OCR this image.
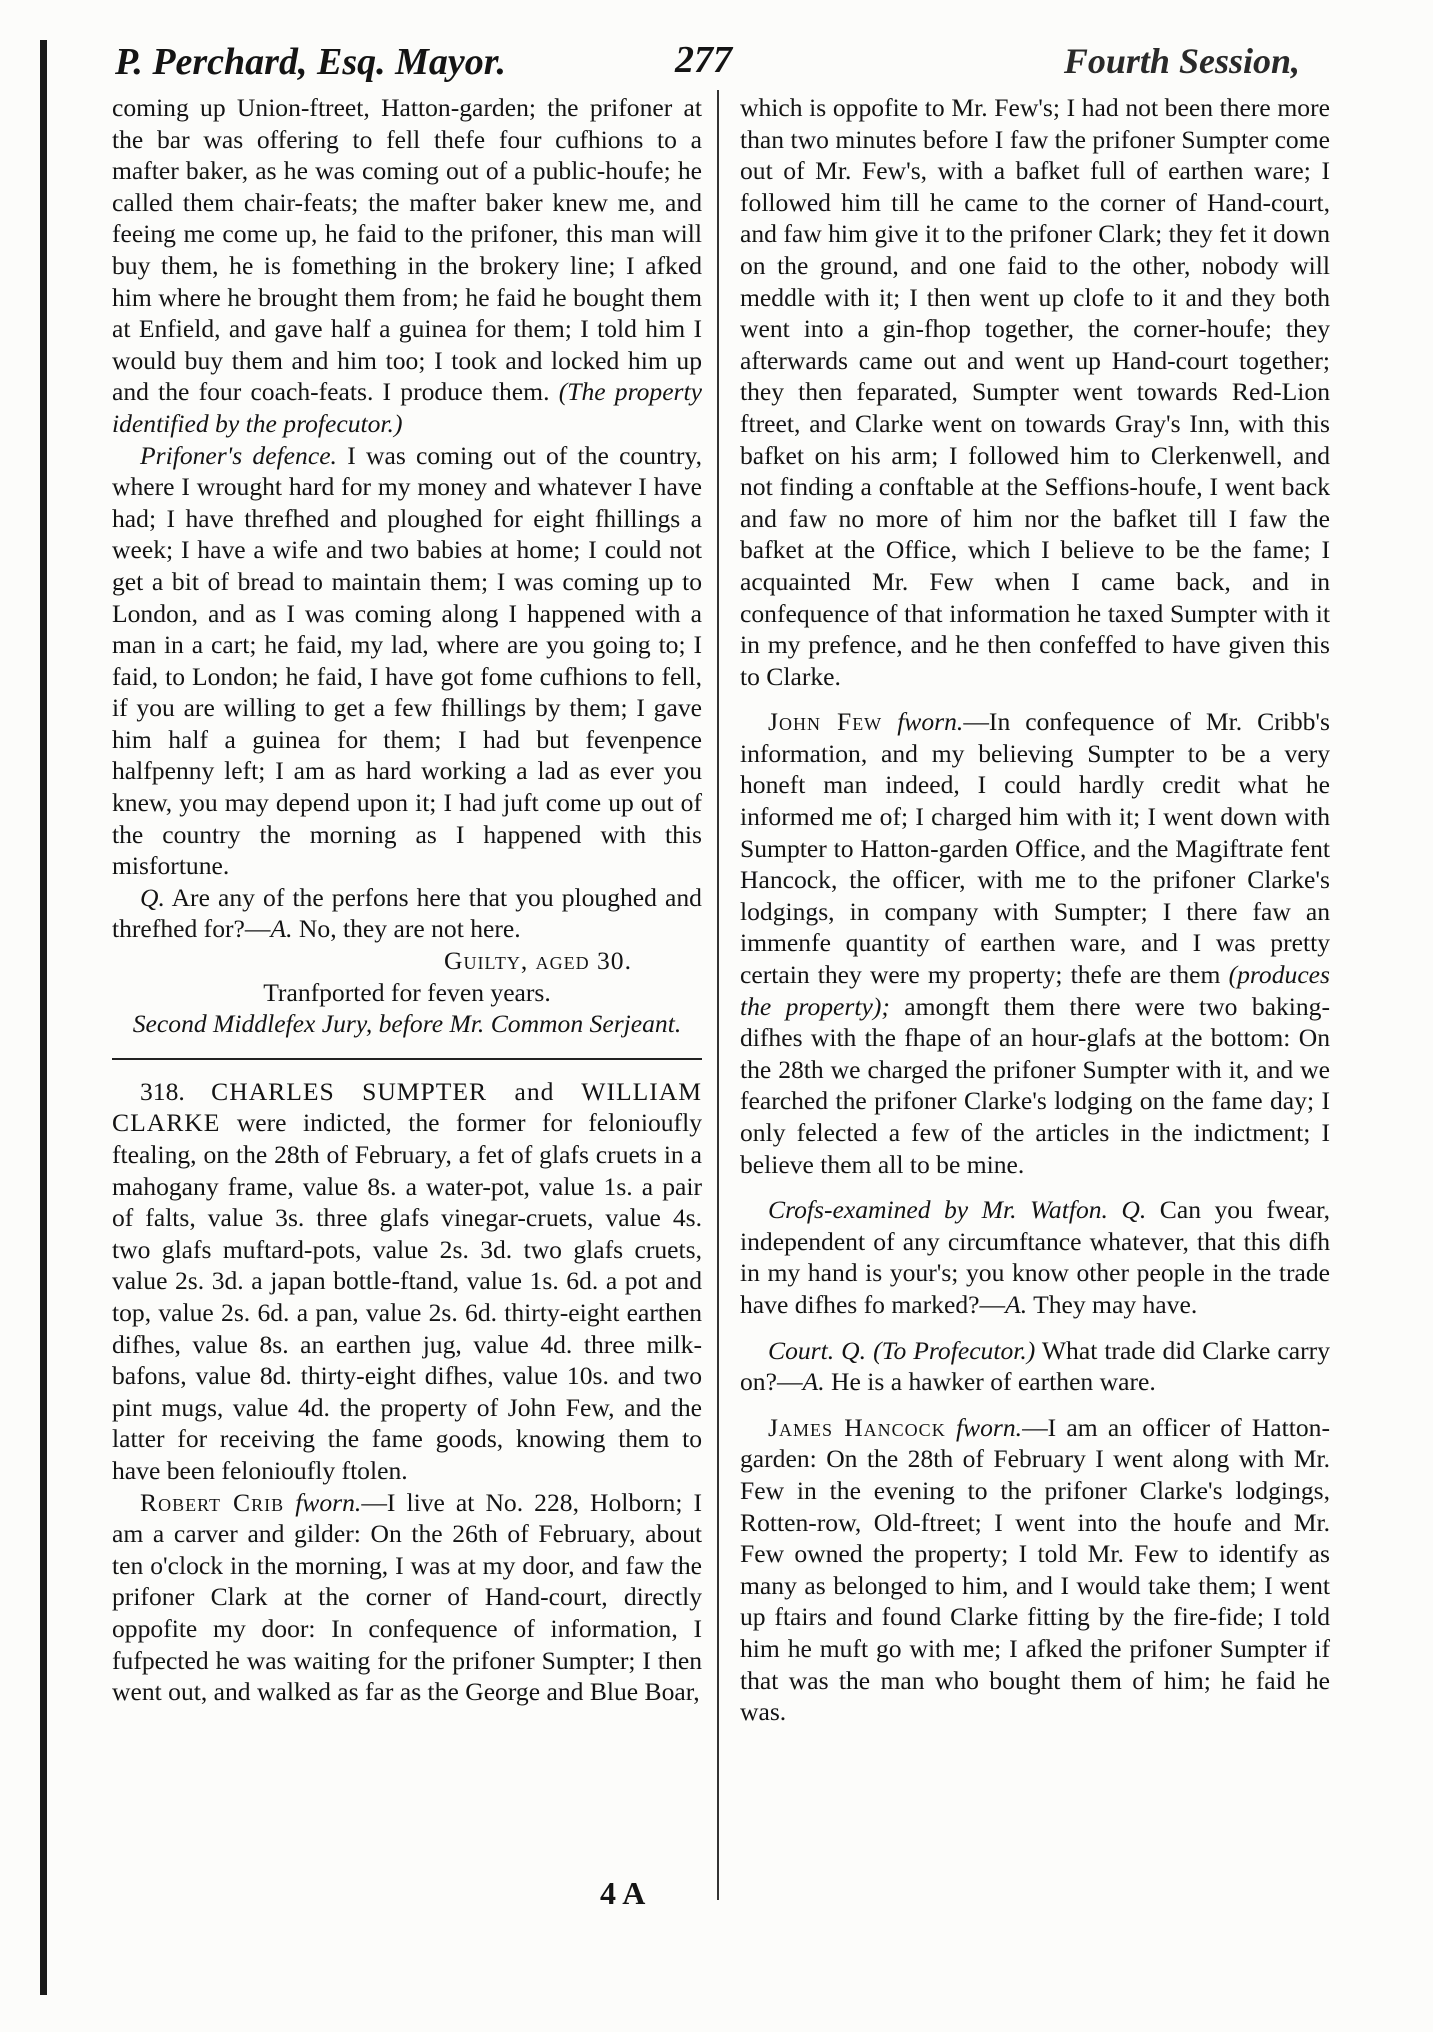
P. Perchard, Esq. Mayor.	277	Fourth Session,

coming up Union-ftreet, Hatton-garden; the prifoner at the bar was offering to fell thefe four cufhions to a mafter baker, as he was coming out of a public-houfe; he called them chair-feats; the mafter baker knew me, and feeing me come up, he faid to the prifoner, this man will buy them, he is fomething in the brokery line; I afked him where he brought them from; he faid he bought them at Enfield, and gave half a guinea for them; I told him I would buy them and him too; I took and locked him up and the four coach-feats. I produce them. (The property identified by the profecutor.)

Prifoner's defence. I was coming out of the country, where I wrought hard for my money and whatever I have had; I have threfhed and ploughed for eight fhillings a week; I have a wife and two babies at home; I could not get a bit of bread to maintain them; I was coming up to London, and as I was coming along I happened with a man in a cart; he faid, my lad, where are you going to; I faid, to London; he faid, I have got fome cufhions to fell, if you are willing to get a few fhillings by them; I gave him half a guinea for them; I had but fevenpence halfpenny left; I am as hard working a lad as ever you knew, you may depend upon it; I had juft come up out of the country the morning as I happened with this misfortune.

Q. Are any of the perfons here that you ploughed and threfhed for?—A. No, they are not here.

Guilty, aged 30.

Tranfported for feven years.

Second Middlefex Jury, before Mr. Common Serjeant.

318. CHARLES SUMPTER and WILLIAM CLARKE were indicted, the former for felonioufly ftealing, on the 28th of February, a fet of glafs cruets in a mahogany frame, value 8s. a water-pot, value 1s. a pair of falts, value 3s. three glafs vinegar-cruets, value 4s. two glafs muftard-pots, value 2s. 3d. two glafs cruets, value 2s. 3d. a japan bottle-ftand, value 1s. 6d. a pot and top, value 2s. 6d. a pan, value 2s. 6d. thirty-eight earthen difhes, value 8s. an earthen jug, value 4d. three milk-bafons, value 8d. thirty-eight difhes, value 10s. and two pint mugs, value 4d. the property of John Few, and the latter for receiving the fame goods, knowing them to have been felonioufly ftolen.

Robert Crib fworn.—I live at No. 228, Holborn; I am a carver and gilder: On the 26th of February, about ten o'clock in the morning, I was at my door, and faw the prifoner Clark at the corner of Hand-court, directly oppofite my door: In confequence of information, I fufpected he was waiting for the prifoner Sumpter; I then went out, and walked as far as the George and Blue Boar,

which is oppofite to Mr. Few's; I had not been there more than two minutes before I faw the prifoner Sumpter come out of Mr. Few's, with a bafket full of earthen ware; I followed him till he came to the corner of Hand-court, and faw him give it to the prifoner Clark; they fet it down on the ground, and one faid to the other, nobody will meddle with it; I then went up clofe to it and they both went into a gin-fhop together, the corner-houfe; they afterwards came out and went up Hand-court together; they then feparated, Sumpter went towards Red-Lion ftreet, and Clarke went on towards Gray's Inn, with this bafket on his arm; I followed him to Clerkenwell, and not finding a conftable at the Seffions-houfe, I went back and faw no more of him nor the bafket till I faw the bafket at the Office, which I believe to be the fame; I acquainted Mr. Few when I came back, and in confequence of that information he taxed Sumpter with it in my prefence, and he then confeffed to have given this to Clarke.

John Few fworn.—In confequence of Mr. Cribb's information, and my believing Sumpter to be a very honeft man indeed, I could hardly credit what he informed me of; I charged him with it; I went down with Sumpter to Hatton-garden Office, and the Magiftrate fent Hancock, the officer, with me to the prifoner Clarke's lodgings, in company with Sumpter; I there faw an immenfe quantity of earthen ware, and I was pretty certain they were my property; thefe are them (produces the property); amongft them there were two baking-difhes with the fhape of an hour-glafs at the bottom: On the 28th we charged the prifoner Sumpter with it, and we fearched the prifoner Clarke's lodging on the fame day; I only felected a few of the articles in the indictment; I believe them all to be mine.

Crofs-examined by Mr. Watfon. Q. Can you fwear, independent of any circumftance whatever, that this difh in my hand is your's; you know other people in the trade have difhes fo marked?—A. They may have.

Court. Q. (To Profecutor.) What trade did Clarke carry on?—A. He is a hawker of earthen ware.

James Hancock fworn.—I am an officer of Hatton-garden: On the 28th of February I went along with Mr. Few in the evening to the prifoner Clarke's lodgings, Rotten-row, Old-ftreet; I went into the houfe and Mr. Few owned the property; I told Mr. Few to identify as many as belonged to him, and I would take them; I went up ftairs and found Clarke fitting by the fire-fide; I told him he muft go with me; I afked the prifoner Sumpter if that was the man who bought them of him; he faid he was.

4 A
